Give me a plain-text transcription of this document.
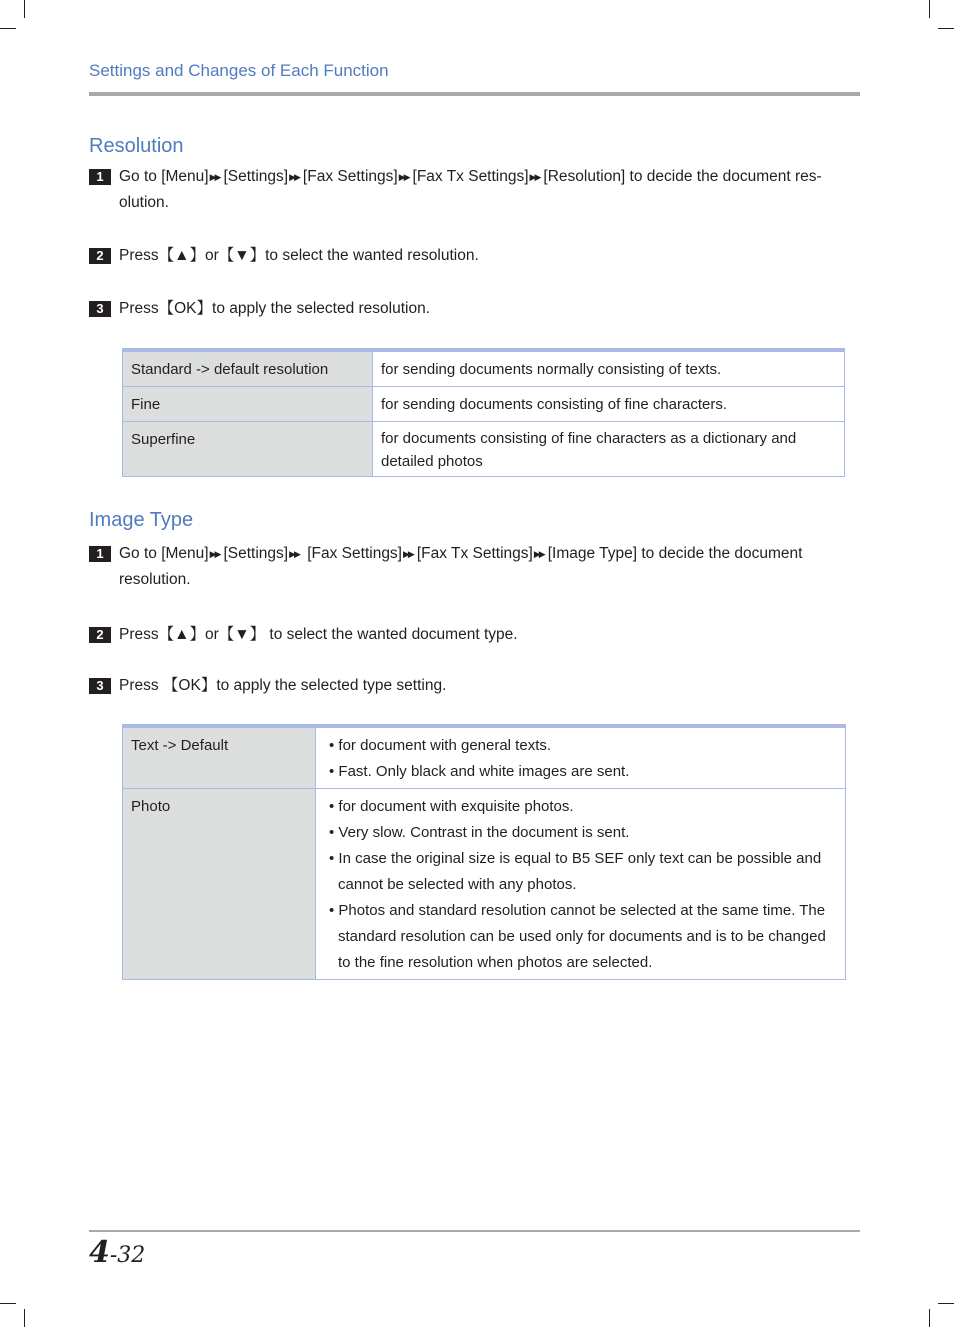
Settings and Changes of Each Function
Resolution
1 Go to [Menu]▶▶ [Settings]▶▶ [Fax Settings]▶▶ [Fax Tx Settings]▶▶ [Resolution] to decide the document res-olution.
2 Press【▲】or【▼】to select the wanted resolution.
3 Press【OK】to apply the selected resolution.
Standard -> default resolution	for sending documents normally consisting of texts.
Fine	for sending documents consisting of fine characters.
Superfine	for documents consisting of fine characters as a dictionary and detailed photos
Image Type
1 Go to [Menu]▶▶ [Settings]▶▶ [Fax Settings]▶▶ [Fax Tx Settings]▶▶ [Image Type] to decide the document resolution.
2 Press【▲】or【▼】 to select the wanted document type.
3 Press 【OK】to apply the selected type setting.
Text -> Default	• for document with general texts.
• Fast. Only black and white images are sent.

Photo	• for document with exquisite photos.
• Very slow. Contrast in the document is sent.
• In case the original size is equal to B5 SEF only text can be possible and cannot be selected with any photos.
• Photos and standard resolution cannot be selected at the same time. The standard resolution can be used only for documents and is to be changed to the fine resolution when photos are selected.
4-32
